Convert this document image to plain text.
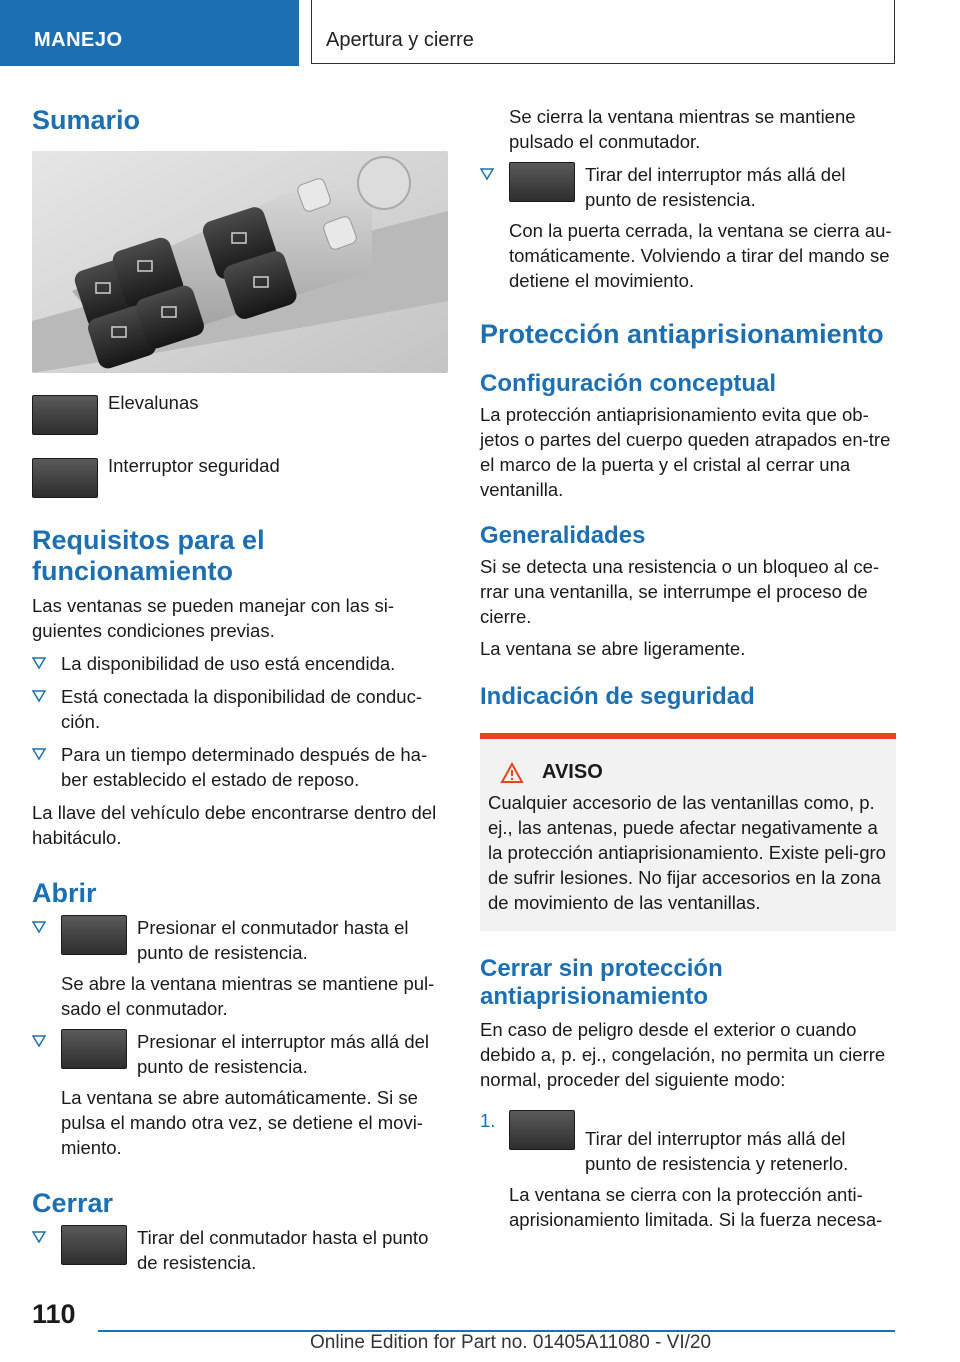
MANEJO	Apertura y cierre
Sumario

Elevalunas

Interruptor seguridad

Requisitos para el funcionamiento

Las ventanas se pueden manejar con las si-guientes condiciones previas.

La disponibilidad de uso está encendida.

Está conectada la disponibilidad de conduc-ción.

Para un tiempo determinado después de ha-ber establecido el estado de reposo.

La llave del vehículo debe encontrarse dentro del habitáculo.

Abrir

Presionar el conmutador hasta el punto de resistencia.

Se abre la ventana mientras se mantiene pul-sado el conmutador.

Presionar el interruptor más allá del punto de resistencia.

La ventana se abre automáticamente. Si se pulsa el mando otra vez, se detiene el movi-miento.

Cerrar

Tirar del conmutador hasta el punto de resistencia.

Se cierra la ventana mientras se mantiene pulsado el conmutador.

Tirar del interruptor más allá del punto de resistencia.

Con la puerta cerrada, la ventana se cierra au-tomáticamente. Volviendo a tirar del mando se detiene el movimiento.

Protección antiaprisionamiento
Configuración conceptual

La protección antiaprisionamiento evita que ob-jetos o partes del cuerpo queden atrapados en-tre el marco de la puerta y el cristal al cerrar una ventanilla.

Generalidades

Si se detecta una resistencia o un bloqueo al ce-rrar una ventanilla, se interrumpe el proceso de cierre.

La ventana se abre ligeramente.

Indicación de seguridad
AVISO

Cualquier accesorio de las ventanillas como, p. ej., las antenas, puede afectar negativamente a la protección antiaprisionamiento. Existe peli-gro de sufrir lesiones. No fijar accesorios en la zona de movimiento de las ventanillas.

Cerrar sin protección antiaprisionamiento

En caso de peligro desde el exterior o cuando debido a, p. ej., congelación, no permita un cierre normal, proceder del siguiente modo:

1.

Tirar del interruptor más allá del punto de resistencia y retenerlo.

La ventana se cierra con la protección anti-aprisionamiento limitada. Si la fuerza necesa-

110
Online Edition for Part no. 01405A11080 - VI/20
